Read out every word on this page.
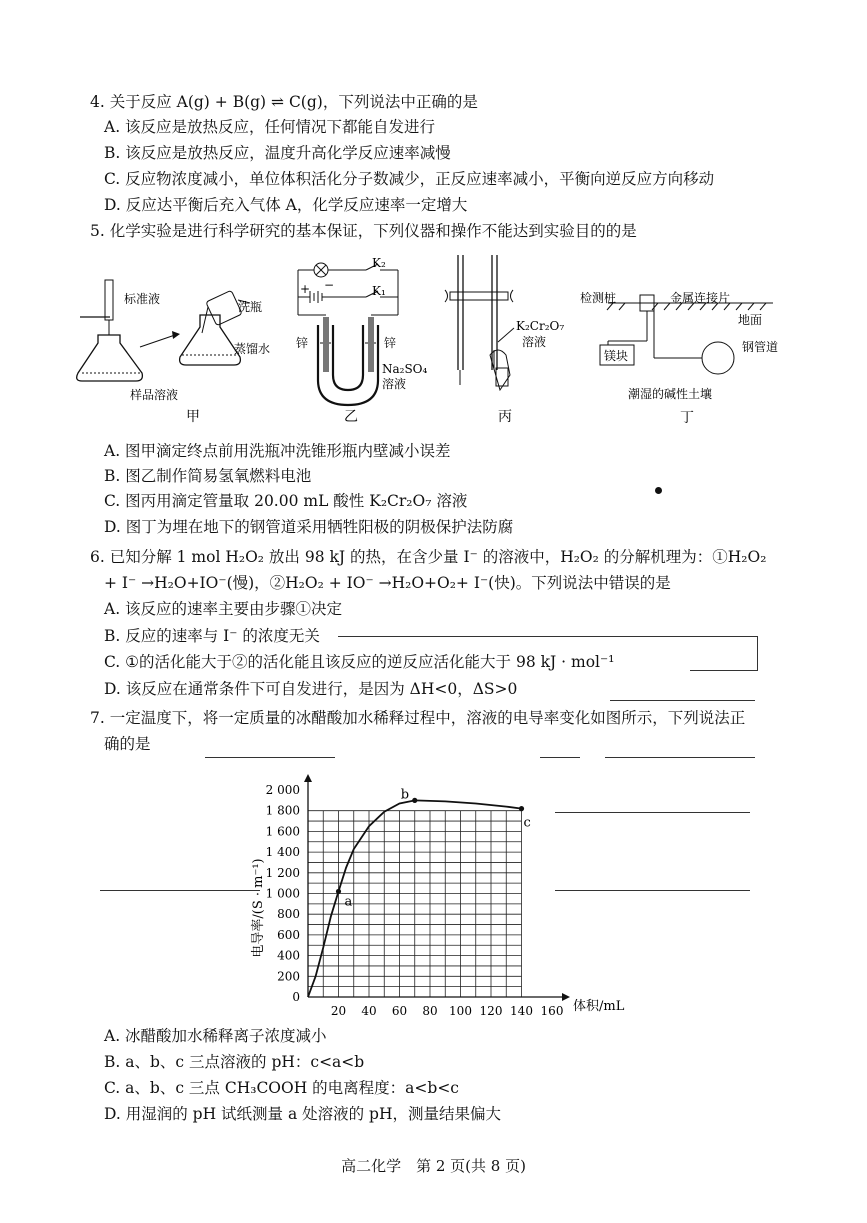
4. 关于反应 A(g) + B(g) ⇌ C(g)，下列说法中正确的是
A. 该反应是放热反应，任何情况下都能自发进行
B. 该反应是放热反应，温度升高化学反应速率减慢
C. 反应物浓度减小，单位体积活化分子数减少，正反应速率减小，平衡向逆反应方向移动
D. 反应达平衡后充入气体 A，化学反应速率一定增大
5. 化学实验是进行科学研究的基本保证，下列仪器和操作不能达到实验目的的是
标准液
洗瓶
蒸馏水
样品溶液
甲
K₂
K₁
+ −
锌	锌
Na₂SO₄
溶液
乙
K₂Cr₂O₇
溶液
丙
检测桩	金属连接片
地面
镁块
钢管道
潮湿的碱性土壤
丁
A. 图甲滴定终点前用洗瓶冲洗锥形瓶内壁减小误差
B. 图乙制作简易氢氧燃料电池
C. 图丙用滴定管量取 20.00 mL 酸性 K₂Cr₂O₇ 溶液
D. 图丁为埋在地下的钢管道采用牺牲阳极的阴极保护法防腐
6. 已知分解 1 mol H₂O₂ 放出 98 kJ 的热，在含少量 I⁻ 的溶液中，H₂O₂ 的分解机理为：①H₂O₂
+ I⁻ →H₂O+IO⁻(慢)，②H₂O₂ + IO⁻ →H₂O+O₂+ I⁻(快)。下列说法中错误的是
A. 该反应的速率主要由步骤①决定
B. 反应的速率与 I⁻ 的浓度无关
C. ①的活化能大于②的活化能且该反应的逆反应活化能大于 98 kJ · mol⁻¹
D. 该反应在通常条件下可自发进行，是因为 ΔH<0，ΔS>0
7. 一定温度下，将一定质量的冰醋酸加水稀释过程中，溶液的电导率变化如图所示，下列说法正
确的是
0
200
400
600
800
1 000
1 200
1 400
1 600
1 800
2 000
20 40 60 80 100 120 140 160
a
b
c
电导率/(S · m⁻¹)
体积/mL
A. 冰醋酸加水稀释离子浓度减小
B. a、b、c 三点溶液的 pH：c<a<b
C. a、b、c 三点 CH₃COOH 的电离程度：a<b<c
D. 用湿润的 pH 试纸测量 a 处溶液的 pH，测量结果偏大
高二化学　第 2 页(共 8 页)
